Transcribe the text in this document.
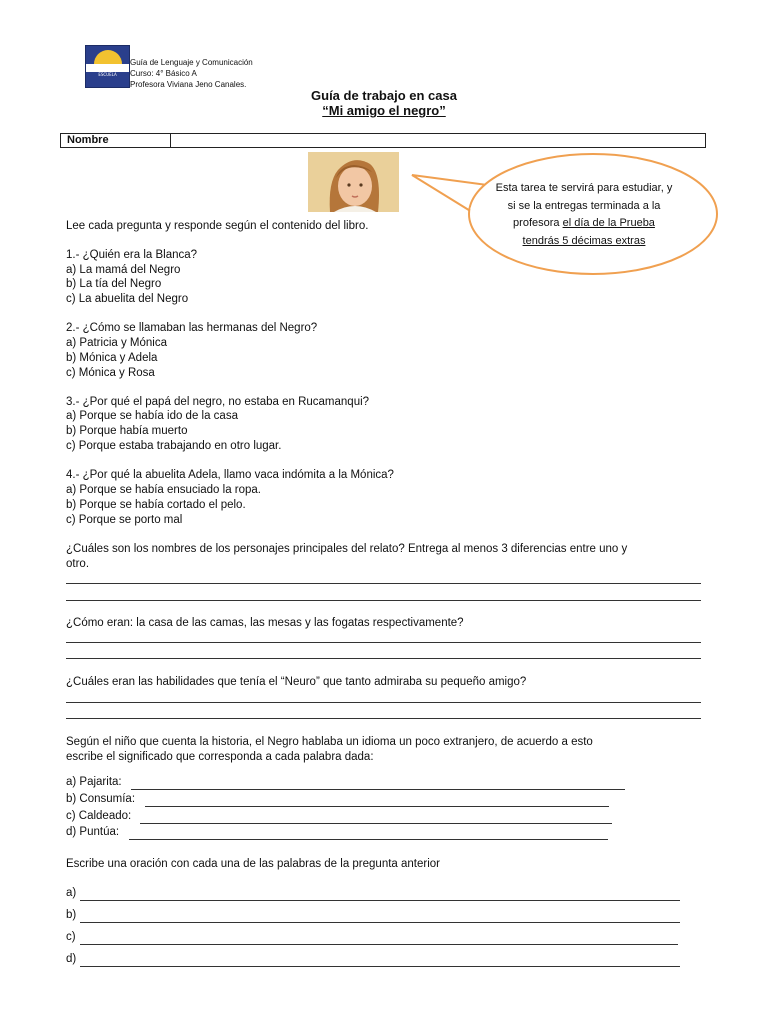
ESCUELA
Guía de Lenguaje y Comunicación
Curso: 4° Básico A
Profesora Viviana Jeno Canales.
Guía de trabajo en casa
“Mi amigo el negro”
Nombre
Esta tarea te servirá para estudiar, y si se la entregas terminada a la profesora el día de la Prueba tendrás 5 décimas extras
Lee cada pregunta y responde según el contenido del libro.
1.- ¿Quién era la Blanca?
a) La mamá del Negro
b) La tía del Negro
c) La abuelita del Negro
2.- ¿Cómo se llamaban las hermanas del Negro?
a) Patricia y Mónica
b) Mónica y Adela
c) Mónica y Rosa
3.- ¿Por qué el papá del negro, no estaba en Rucamanqui?
a) Porque se había ido de la casa
b) Porque había muerto
c) Porque estaba trabajando en otro lugar.
4.- ¿Por qué la abuelita Adela, llamo vaca indómita a la Mónica?
a) Porque se había ensuciado la ropa.
b) Porque se había cortado el pelo.
c) Porque se porto mal
¿Cuáles son los nombres de los personajes principales del relato? Entrega al menos 3 diferencias entre uno y
otro.
¿Cómo eran: la casa de las camas, las mesas y las fogatas respectivamente?
¿Cuáles eran las habilidades que tenía el “Neuro” que tanto admiraba su pequeño amigo?
Según el niño que cuenta la historia, el Negro hablaba un idioma un poco extranjero, de acuerdo a esto
escribe el significado que corresponda a cada palabra dada:
a) Pajarita:
b) Consumía:
c) Caldeado:
d) Puntúa:
Escribe una oración con cada una de las palabras de la pregunta anterior
a)
b)
c)
d)
